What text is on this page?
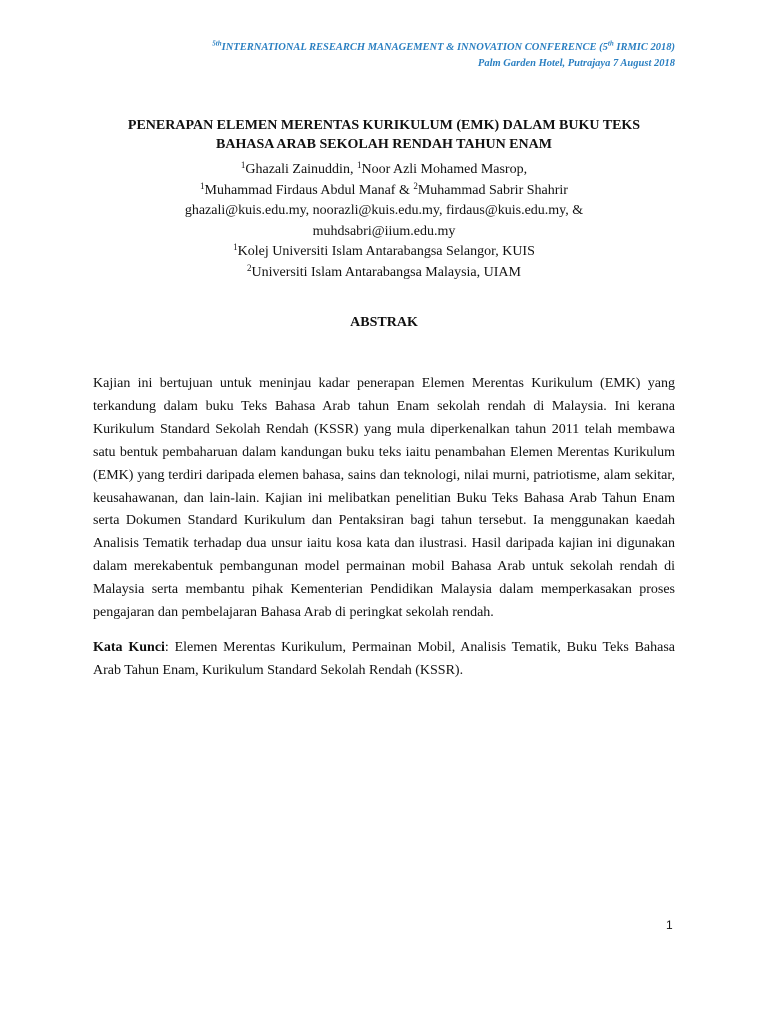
$^{5th}$INTERNATIONAL RESEARCH MANAGEMENT & INNOVATION CONFERENCE (5th IRMIC 2018)
Palm Garden Hotel, Putrajaya 7 August 2018
PENERAPAN ELEMEN MERENTAS KURIKULUM (EMK) DALAM BUKU TEKS
BAHASA ARAB SEKOLAH RENDAH TAHUN ENAM
$^1$Ghazali Zainuddin, $^1$Noor Azli Mohamed Masrop,
$^1$Muhammad Firdaus Abdul Manaf & $^2$Muhammad Sabrir Shahrir
ghazali@kuis.edu.my, noorazli@kuis.edu.my, firdaus@kuis.edu.my, &
muhdsabri@iium.edu.my
$^1$Kolej Universiti Islam Antarabangsa Selangor, KUIS
$^2$Universiti Islam Antarabangsa Malaysia, UIAM
ABSTRAK

Kajian ini bertujuan untuk meninjau kadar penerapan Elemen Merentas Kurikulum (EMK) yang terkandung dalam buku Teks Bahasa Arab tahun Enam sekolah rendah di Malaysia. Ini kerana Kurikulum Standard Sekolah Rendah (KSSR) yang mula diperkenalkan tahun 2011 telah membawa satu bentuk pembaharuan dalam kandungan buku teks iaitu penambahan Elemen Merentas Kurikulum (EMK) yang terdiri daripada elemen bahasa, sains dan teknologi, nilai murni, patriotisme, alam sekitar, keusahawanan, dan lain-lain. Kajian ini melibatkan penelitian Buku Teks Bahasa Arab Tahun Enam serta Dokumen Standard Kurikulum dan Pentaksiran bagi tahun tersebut. Ia menggunakan kaedah Analisis Tematik terhadap dua unsur iaitu kosa kata dan ilustrasi. Hasil daripada kajian ini digunakan dalam merekabentuk pembangunan model permainan mobil Bahasa Arab untuk sekolah rendah di Malaysia serta membantu pihak Kementerian Pendidikan Malaysia dalam memperkasakan proses pengajaran dan pembelajaran Bahasa Arab di peringkat sekolah rendah.

Kata Kunci: Elemen Merentas Kurikulum, Permainan Mobil, Analisis Tematik, Buku Teks Bahasa Arab Tahun Enam, Kurikulum Standard Sekolah Rendah (KSSR).

1
